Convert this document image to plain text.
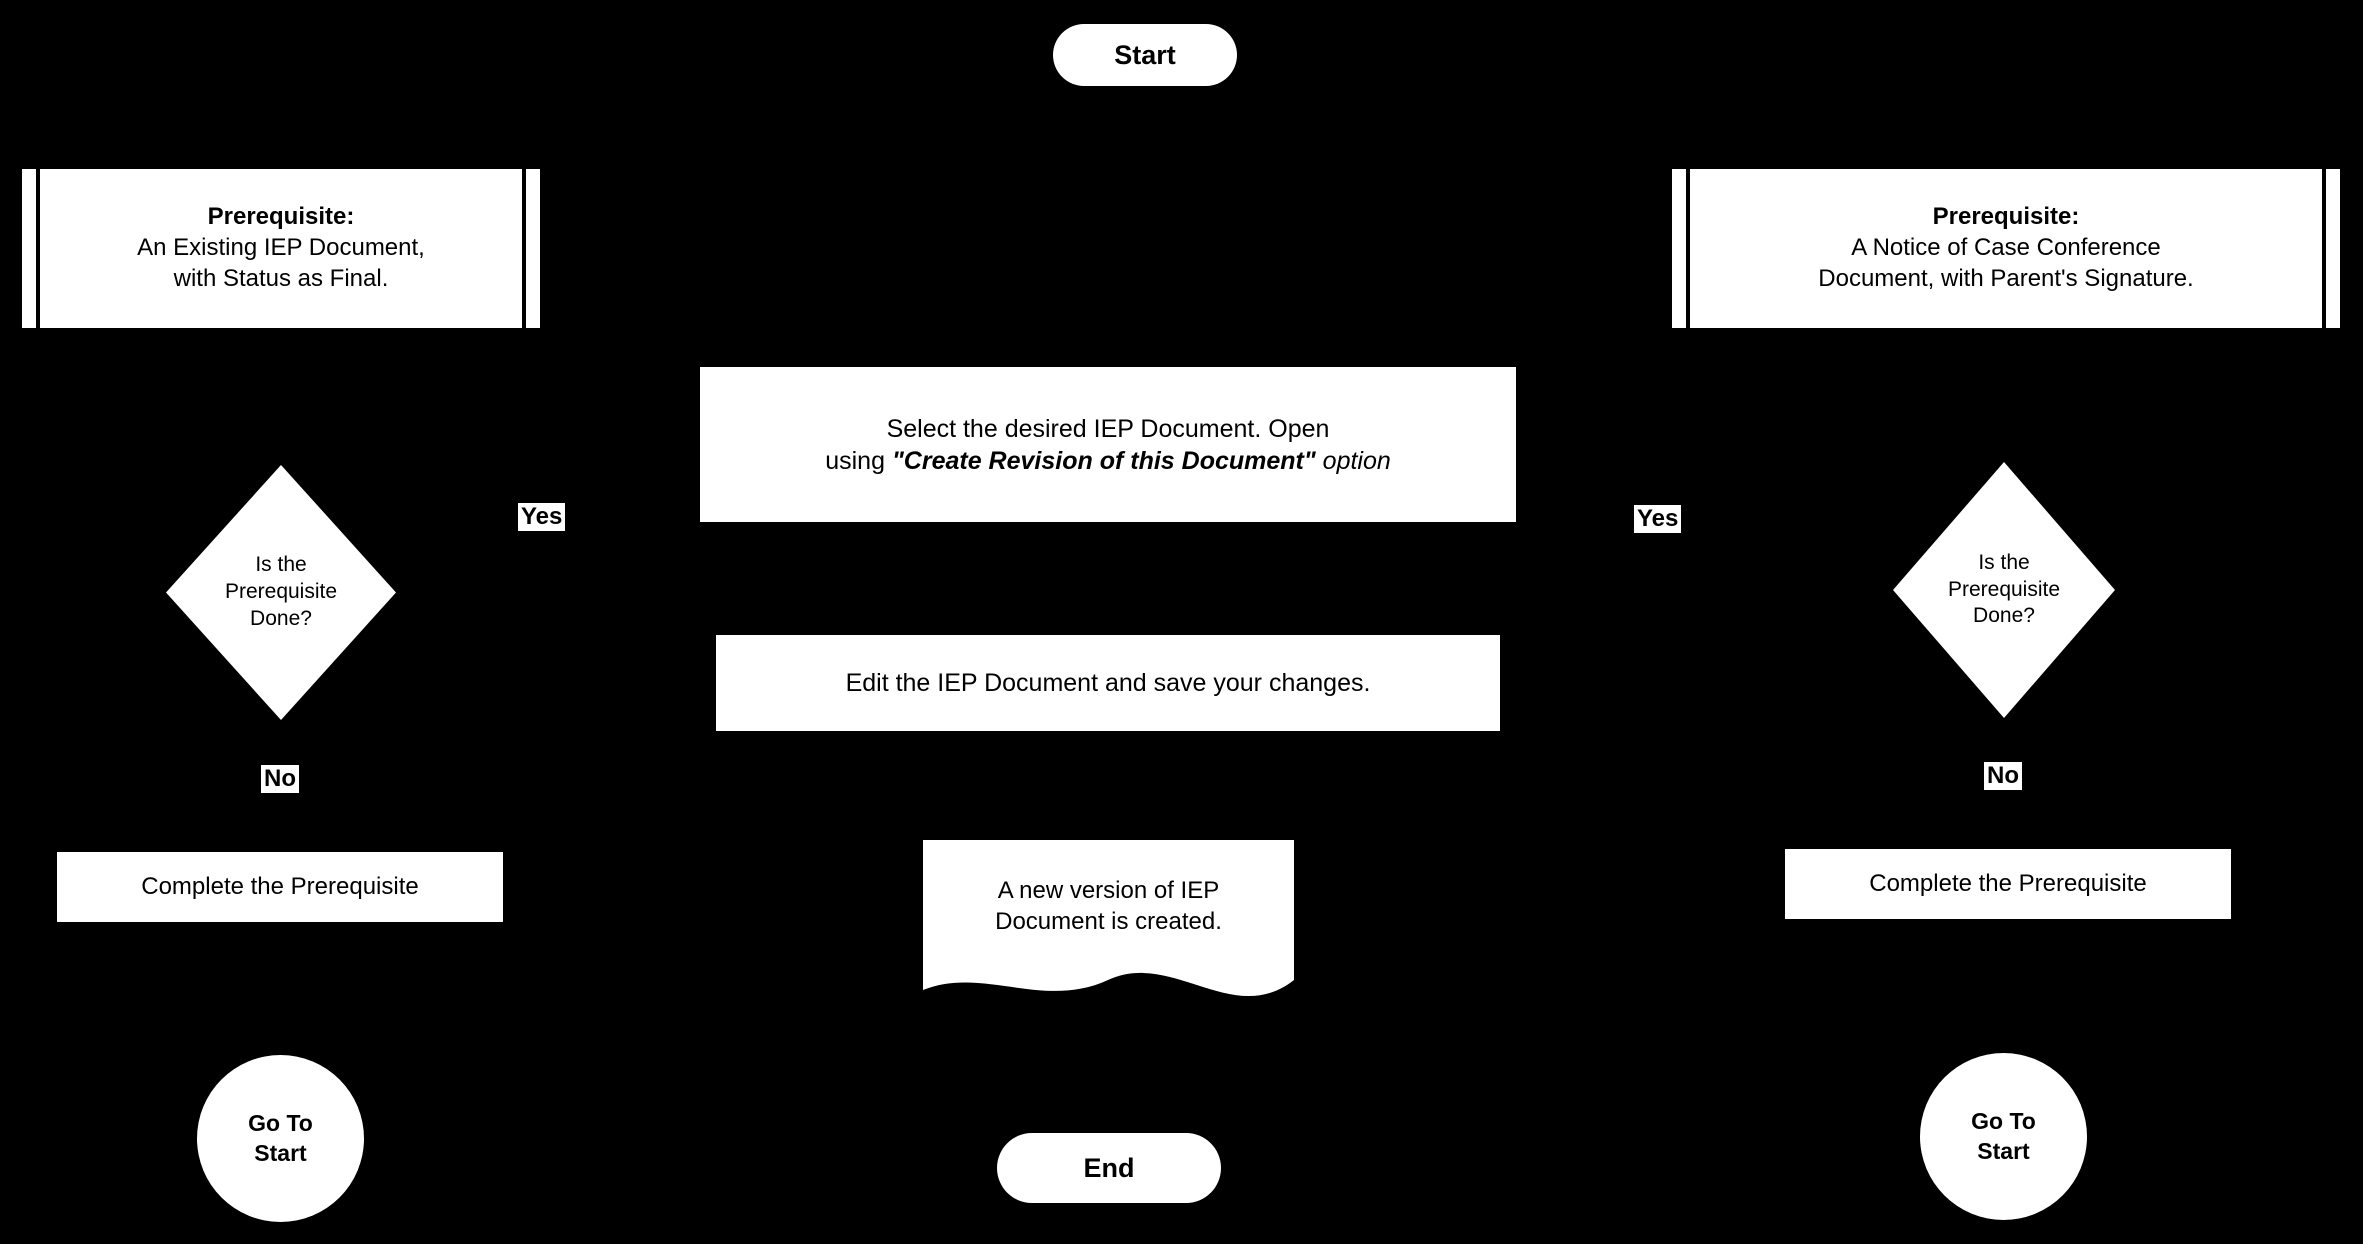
Start
Prerequisite:
An Existing IEP Document,
with Status as Final.
Prerequisite:
A Notice of Case Conference
Document, with Parent's Signature.
Select the desired IEP Document. Open
using "Create Revision of this Document" option
Edit the IEP Document and save your changes.
Is the
Prerequisite
Done?
Is the
Prerequisite
Done?
Yes
No
Yes
No
Complete the Prerequisite	Complete the Prerequisite
A new version of IEP
Document is created.
Go To
Start
Go To
Start
End
